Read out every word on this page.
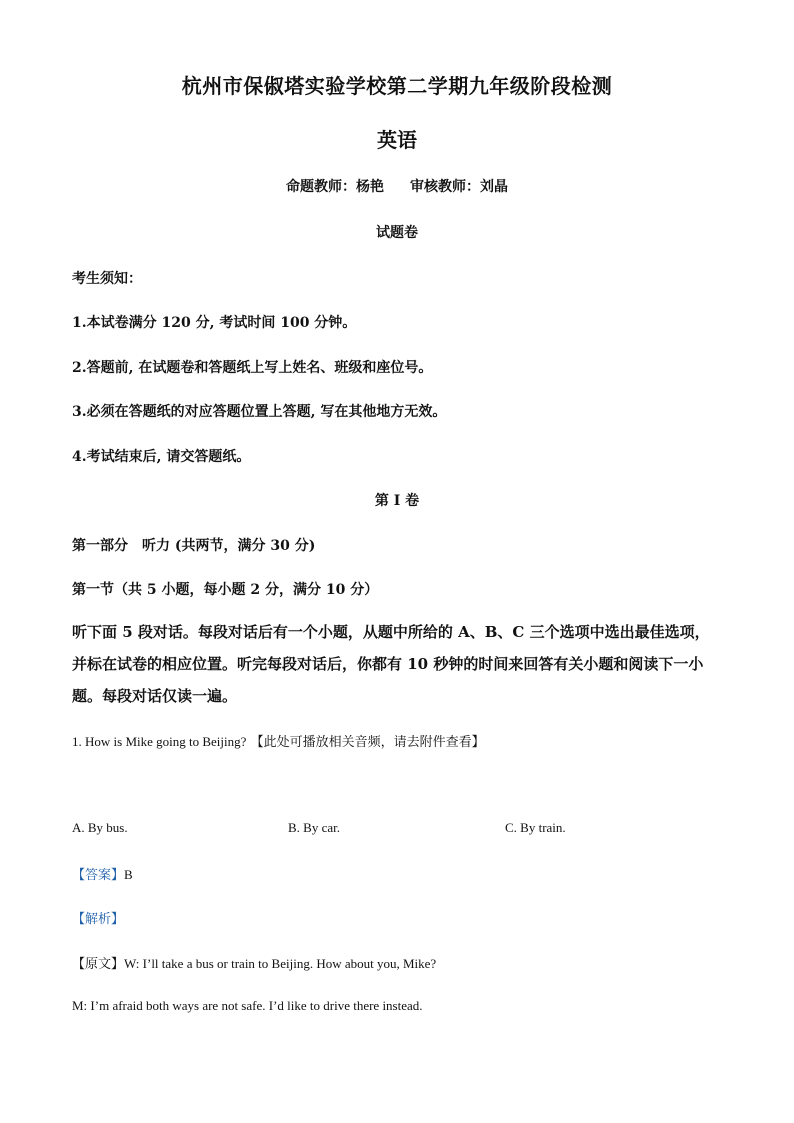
杭州市保俶塔实验学校第二学期九年级阶段检测
英语
命题教师：杨艳 审核教师：刘晶
试题卷
考生须知：
1.本试卷满分 120 分, 考试时间 100 分钟。
2.答题前, 在试题卷和答题纸上写上姓名、班级和座位号。
3.必须在答题纸的对应答题位置上答题, 写在其他地方无效。
4.考试结束后, 请交答题纸。
第 I 卷
第一部分　听力 (共两节，满分 30 分)
第一节（共 5 小题，每小题 2 分，满分 10 分）
听下面 5 段对话。每段对话后有一个小题，从题中所给的 A、B、C 三个选项中选出最佳选项，并标在试卷的相应位置。听完每段对话后，你都有 10 秒钟的时间来回答有关小题和阅读下一小题。每段对话仅读一遍。
1. How is Mike going to Beijing? 【此处可播放相关音频，请去附件查看】
A. By bus.	B. By car.	C. By train.
【答案】B
【解析】
【原文】W: I’ll take a bus or train to Beijing. How about you, Mike?
M: I’m afraid both ways are not safe. I’d like to drive there instead.
